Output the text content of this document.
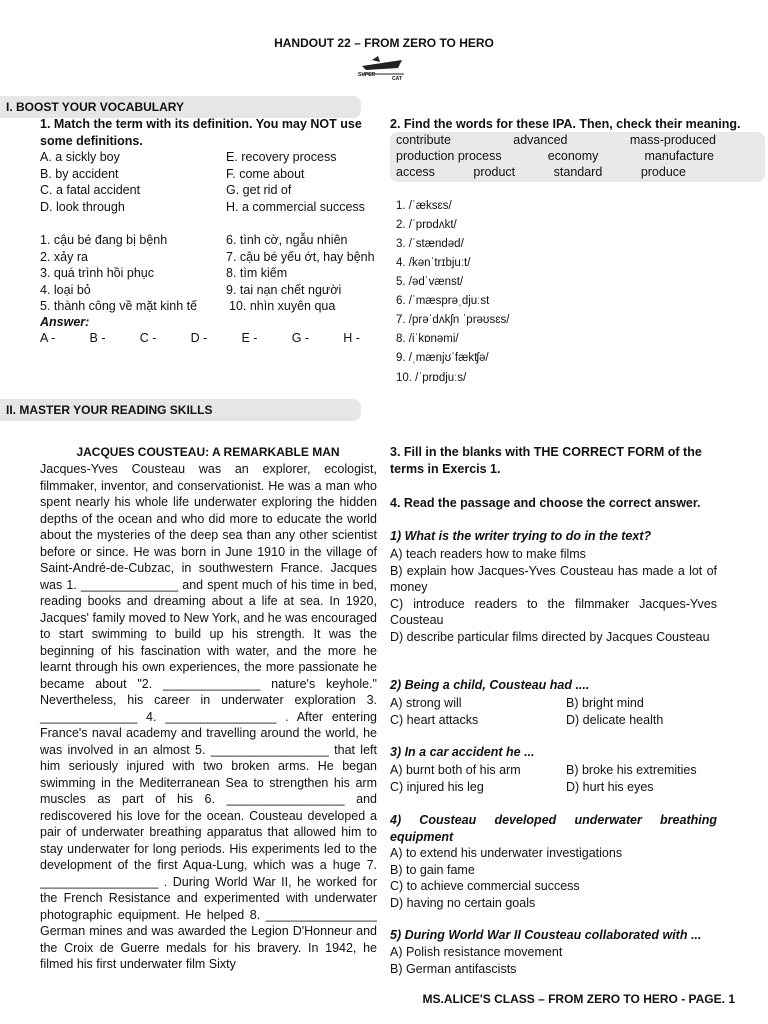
HANDOUT 22 – FROM ZERO TO HERO
SUPER
CAT
I. BOOST YOUR VOCABULARY
1. Match the term with its definition. You may NOT use some definitions.
A. a sickly boy
B. by accident
C. a fatal accident
D. look through
E. recovery process
F. come about
G. get rid of
H. a commercial success
1. cậu bé đang bị bệnh
2. xảy ra
3. quá trình hồi phục
4. loại bỏ
5. thành công về mặt kinh tế
6. tình cờ, ngẫu nhiên
7. cậu bé yếu ớt, hay bệnh
8. tìm kiếm
9. tai nạn chết người
10. nhìn xuyên qua
Answer:
A -	B -	C -	D -	E -	G -	H -
2. Find the words for these IPA. Then, check their meaning.
contribute	advanced	mass-produced
production process	economy	manufacture
access	product	standard	produce
1. /ˈæksɛs/
2. /ˈprɒdʌkt/
3. /ˈstændəd/
4. /kənˈtrɪbjuːt/
5. /ədˈvænst/
6. /ˈmæsprəˌdjuːst
7. /prəˈdʌkʃn ˈprəʊsɛs/
8. /iˈkɒnəmi/
9. /ˌmænjʊˈfækʧə/
10. /ˈprɒdjuːs/
II. MASTER YOUR READING SKILLS
JACQUES COUSTEAU: A REMARKABLE MAN
Jacques-Yves Cousteau was an explorer, ecologist, filmmaker, inventor, and conservationist. He was a man who spent nearly his whole life underwater exploring the hidden depths of the ocean and who did more to educate the world about the mysteries of the deep sea than any other scientist before or since. He was born in June 1910 in the village of Saint-André-de-Cubzac, in southwestern France. Jacques was 1. ______________ and spent much of his time in bed, reading books and dreaming about a life at sea. In 1920, Jacques' family moved to New York, and he was encouraged to start swimming to build up his strength. It was the beginning of his fascination with water, and the more he learnt through his own experiences, the more passionate he became about "2. ______________ nature's keyhole." Nevertheless, his career in underwater exploration 3. ______________ 4. ________________ . After entering France's naval academy and travelling around the world, he was involved in an almost 5. _________________ that left him seriously injured with two broken arms. He began swimming in the Mediterranean Sea to strengthen his arm muscles as part of his 6. _________________ and rediscovered his love for the ocean. Cousteau developed a pair of underwater breathing apparatus that allowed him to stay underwater for long periods. His experiments led to the development of the first Aqua-Lung, which was a huge 7. _________________ . During World War II, he worked for the French Resistance and experimented with underwater photographic equipment. He helped 8. ________________ German mines and was awarded the Legion D'Honneur and the Croix de Guerre medals for his bravery. In 1942, he filmed his first underwater film Sixty
3. Fill in the blanks with THE CORRECT FORM of the terms in Exercis 1.
4. Read the passage and choose the correct answer.
1) What is the writer trying to do in the text?
A) teach readers how to make films
B) explain how Jacques-Yves Cousteau has made a lot of money
C) introduce readers to the filmmaker Jacques-Yves Cousteau
D) describe particular films directed by Jacques Cousteau
2) Being a child, Cousteau had ....
A) strong will	B) bright mind
C) heart attacks	D) delicate health
3) In a car accident he ...
A) burnt both of his arm	B) broke his extremities
C) injured his leg	D) hurt his eyes
4) Cousteau developed underwater breathing equipment
A) to extend his underwater investigations
B) to gain fame
C) to achieve commercial success
D) having no certain goals
5) During World War II Cousteau collaborated with ...
A) Polish resistance movement
B) German antifascists
MS.ALICE'S CLASS – FROM ZERO TO HERO - PAGE. 1
